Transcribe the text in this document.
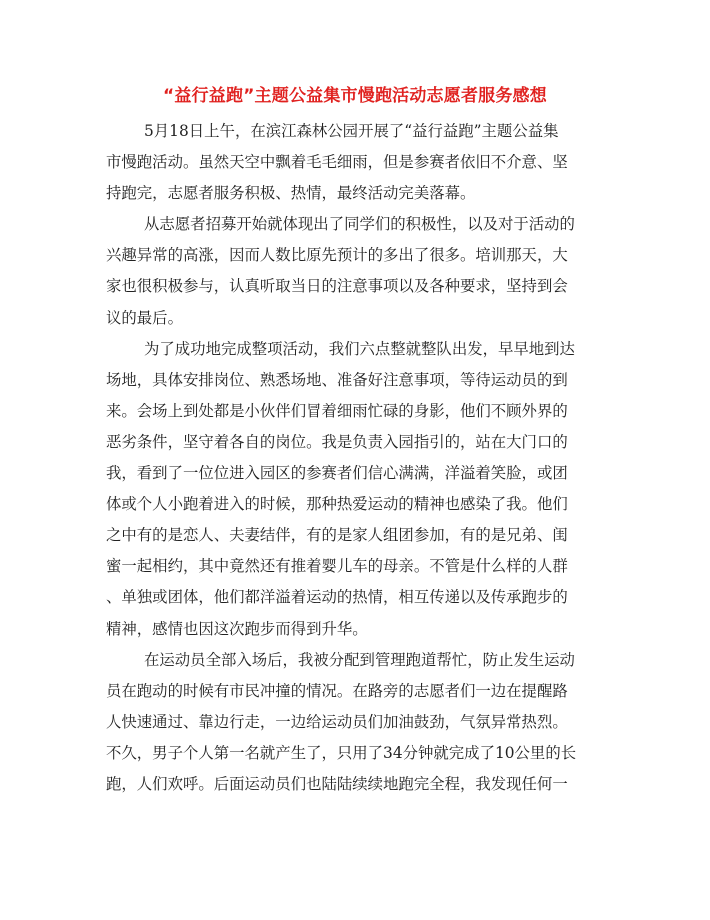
“益行益跑”主题公益集市慢跑活动志愿者服务感想
5月18日上午，在滨江森林公园开展了“益行益跑”主题公益集
市慢跑活动。虽然天空中飘着毛毛细雨，但是参赛者依旧不介意、坚
持跑完，志愿者服务积极、热情，最终活动完美落幕。
从志愿者招募开始就体现出了同学们的积极性，以及对于活动的
兴趣异常的高涨，因而人数比原先预计的多出了很多。培训那天，大
家也很积极参与，认真听取当日的注意事项以及各种要求，坚持到会
议的最后。
为了成功地完成整项活动，我们六点整就整队出发，早早地到达
场地，具体安排岗位、熟悉场地、准备好注意事项，等待运动员的到
来。会场上到处都是小伙伴们冒着细雨忙碌的身影，他们不顾外界的
恶劣条件，坚守着各自的岗位。我是负责入园指引的，站在大门口的
我，看到了一位位进入园区的参赛者们信心满满，洋溢着笑脸，或团
体或个人小跑着进入的时候，那种热爱运动的精神也感染了我。他们
之中有的是恋人、夫妻结伴，有的是家人组团参加，有的是兄弟、闺
蜜一起相约，其中竟然还有推着婴儿车的母亲。不管是什么样的人群
、单独或团体，他们都洋溢着运动的热情，相互传递以及传承跑步的
精神，感情也因这次跑步而得到升华。
在运动员全部入场后，我被分配到管理跑道帮忙，防止发生运动
员在跑动的时候有市民冲撞的情况。在路旁的志愿者们一边在提醒路
人快速通过、靠边行走，一边给运动员们加油鼓劲，气氛异常热烈。
不久，男子个人第一名就产生了，只用了34分钟就完成了10公里的长
跑，人们欢呼。后面运动员们也陆陆续续地跑完全程，我发现任何一
